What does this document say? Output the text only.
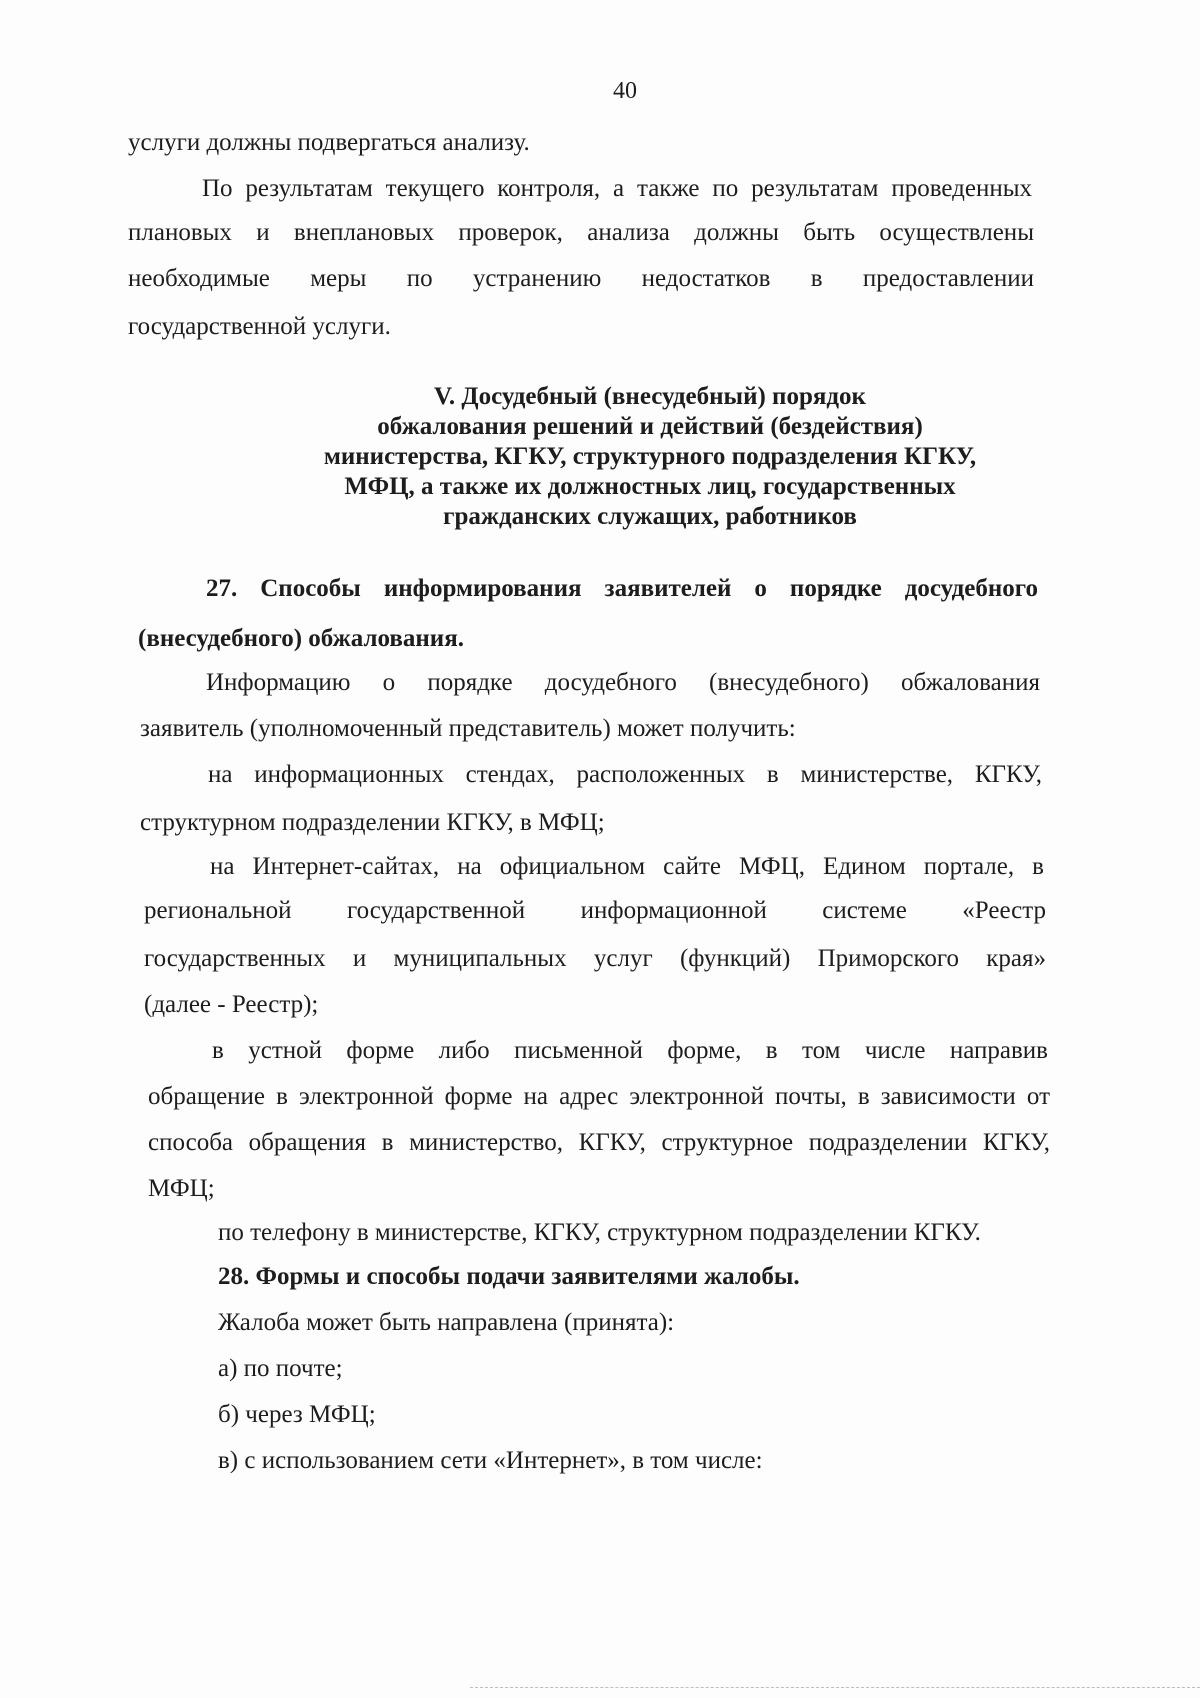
40
услуги должны подвергаться анализу.
По результатам текущего контроля, а также по результатам проведенных
плановых и внеплановых проверок, анализа должны быть осуществлены
необходимые меры по устранению недостатков в предоставлении
государственной услуги.
V. Досудебный (внесудебный) порядок
обжалования решений и действий (бездействия)
министерства, КГКУ, структурного подразделения КГКУ,
МФЦ, а также их должностных лиц, государственных
гражданских служащих, работников
27. Способы информирования заявителей о порядке досудебного
(внесудебного) обжалования.
Информацию о порядке досудебного (внесудебного) обжалования
заявитель (уполномоченный представитель) может получить:
на информационных стендах, расположенных в министерстве, КГКУ,
структурном подразделении КГКУ, в МФЦ;
на Интернет-сайтах, на официальном сайте МФЦ, Едином портале, в
региональной государственной информационной системе «Реестр
государственных и муниципальных услуг (функций) Приморского края»
(далее - Реестр);
в устной форме либо письменной форме, в том числе направив
обращение в электронной форме на адрес электронной почты, в зависимости от
способа обращения в министерство, КГКУ, структурное подразделении КГКУ,
МФЦ;
по телефону в министерстве, КГКУ, структурном подразделении КГКУ.
28. Формы и способы подачи заявителями жалобы.
Жалоба может быть направлена (принята):
а) по почте;
б) через МФЦ;
в) с использованием сети «Интернет», в том числе:
